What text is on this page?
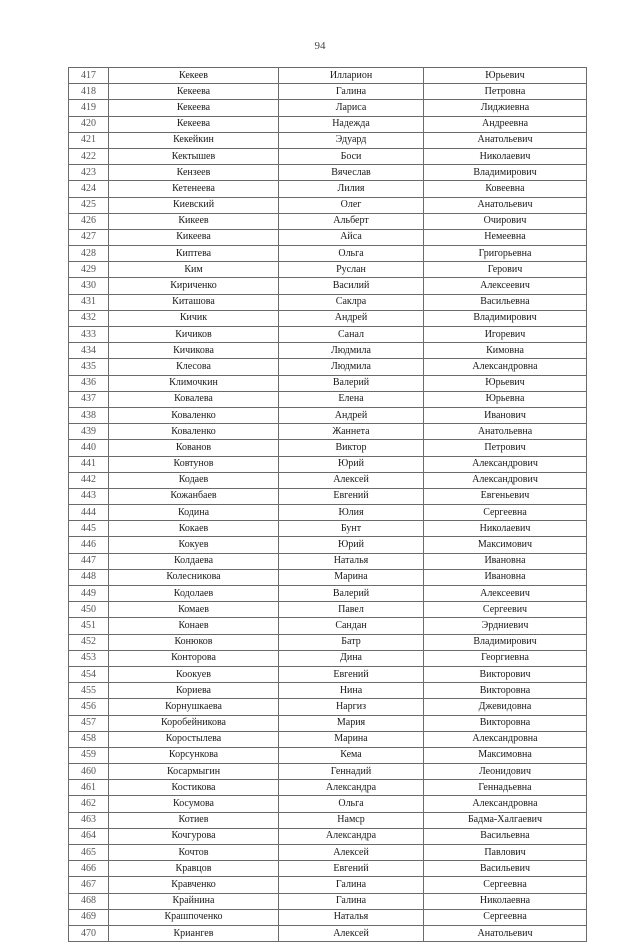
94
417	Кекеев	Илларион	Юрьевич
418	Кекеева	Галина	Петровна
419	Кекеева	Лариса	Лиджиевна
420	Кекеева	Надежда	Андреевна
421	Кекейкин	Эдуард	Анатольевич
422	Кектышев	Боси	Николаевич
423	Кензеев	Вячеслав	Владимирович
424	Кетенеева	Лилия	Ковеевна
425	Киевский	Олег	Анатольевич
426	Кикеев	Альберт	Очирович
427	Кикеева	Айса	Немеевна
428	Киптева	Ольга	Григорьевна
429	Ким	Руслан	Герович
430	Кириченко	Василий	Алексеевич
431	Киташова	Саклра	Васильевна
432	Кичик	Андрей	Владимирович
433	Кичиков	Санал	Игоревич
434	Кичикова	Людмила	Кимовна
435	Клесова	Людмила	Александровна
436	Климочкин	Валерий	Юрьевич
437	Ковалева	Елена	Юрьевна
438	Коваленко	Андрей	Иванович
439	Коваленко	Жаннета	Анатольевна
440	Кованов	Виктор	Петрович
441	Ковтунов	Юрий	Александрович
442	Кодаев	Алексей	Александрович
443	Кожанбаев	Евгений	Евгеньевич
444	Кодина	Юлия	Сергеевна
445	Кокаев	Бунт	Николаевич
446	Кокуев	Юрий	Максимович
447	Колдаева	Наталья	Ивановна
448	Колесникова	Марина	Ивановна
449	Кодолаев	Валерий	Алексеевич
450	Комаев	Павел	Сергеевич
451	Конаев	Сандан	Эрдниевич
452	Конюков	Батр	Владимирович
453	Конторова	Дина	Георгиевна
454	Коокуев	Евгений	Викторович
455	Кориева	Нина	Викторовна
456	Корнушкаева	Наргиз	Джевидовна
457	Коробейникова	Мария	Викторовна
458	Коростылева	Марина	Александровна
459	Корсункова	Кема	Максимовна
460	Косармыгин	Геннадий	Леонидович
461	Костикова	Александра	Геннадьевна
462	Косумова	Ольга	Александровна
463	Котиев	Намср	Бадма-Халгаевич
464	Кочгурова	Александра	Васильевна
465	Кочтов	Алексей	Павлович
466	Кравцов	Евгений	Васильевич
467	Кравченко	Галина	Сергеевна
468	Крайнина	Галина	Николаевна
469	Крашпоченко	Наталья	Сергеевна
470	Криангев	Алексей	Анатольевич
